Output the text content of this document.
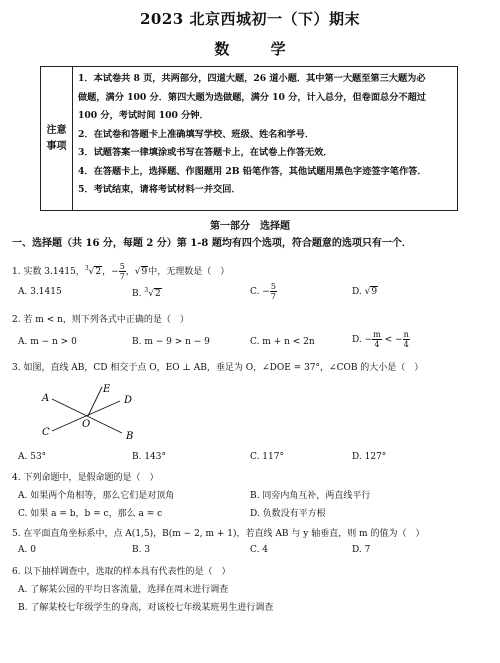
2023 北京西城初一（下）期末
数 学
注意
事项

1．本试卷共 8 页，共两部分，四道大题，26 道小题．其中第一大题至第三大题为必

做题，满分 100 分．第四大题为选做题，满分 10 分，计入总分，但卷面总分不超过

100 分，考试时间 100 分钟．

2．在试卷和答题卡上准确填写学校、班级、姓名和学号．

3．试题答案一律填涂或书写在答题卡上，在试卷上作答无效．

4．在答题卡上，选择题、作图题用 2B 铅笔作答，其他试题用黑色字迹签字笔作答．

5．考试结束，请将考试材料一并交回．

第一部分　选择题
一、选择题（共 16 分，每题 2 分）第 1-8 题均有四个选项，符合题意的选项只有一个．
1. 实数 3.1415，$^3$√2，− $\frac{5}{7}$ ，√9中，无理数是（　）
A. 3.1415	B. $^3$√2	C. − $\frac{5}{7}$	D. √9
2. 若 m < n，则下列各式中正确的是（　）
A. m − n > 0	B. m − 9 > n − 9	C. m + n < 2n	D. − $\frac{m}{4}$ < − $\frac{n}{4}$
3. 如图，直线 AB，CD 相交于点 O，EO ⊥ AB，垂足为 O，∠DOE = 37°，∠COB 的大小是（　）
A
B
C
D
O
E
A. 53°	B. 143°	C. 117°	D. 127°
4. 下列命题中，是假命题的是（　）
A. 如果两个角相等，那么它们是对顶角	B. 同旁内角互补，两直线平行
C. 如果 a = b，b = c，那么 a = c	D. 负数没有平方根
5. 在平面直角坐标系中，点 A(1,5)，B(m − 2, m + 1)，若直线 AB 与 y 轴垂直，则 m 的值为（　）
A. 0	B. 3	C. 4	D. 7
6. 以下抽样调查中，选取的样本具有代表性的是（　）
A. 了解某公园的平均日客流量，选择在周末进行调查
B. 了解某校七年级学生的身高，对该校七年级某班男生进行调查
